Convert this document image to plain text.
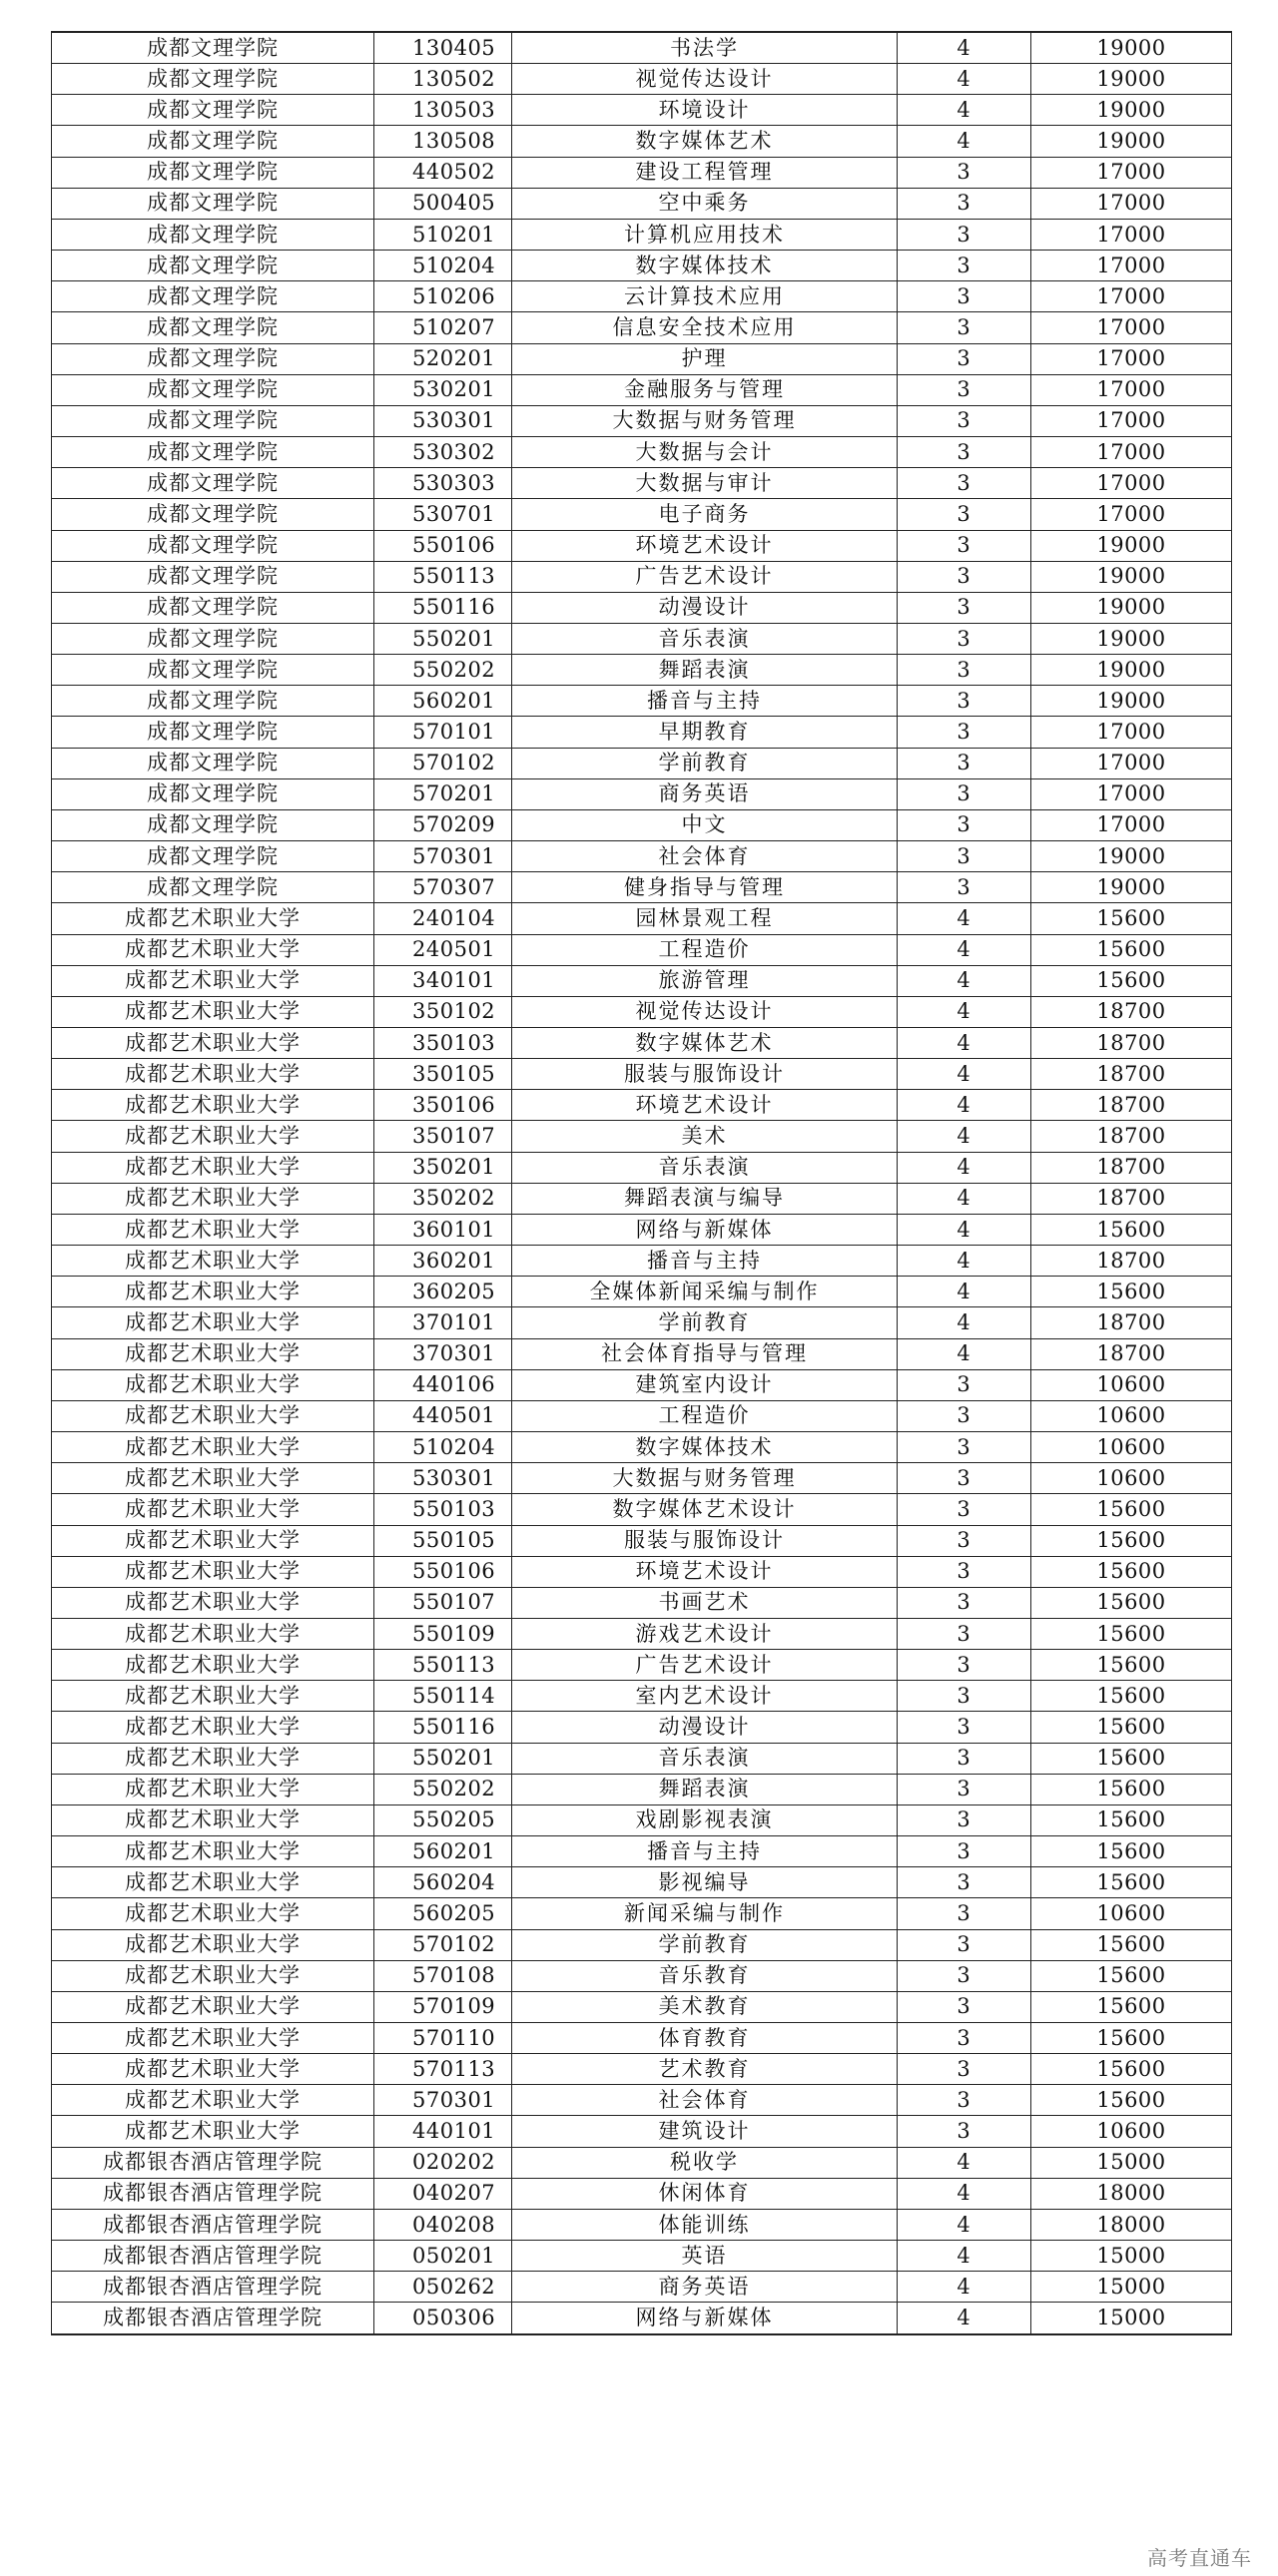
成都文理学院	130405	书法学	4	19000
成都文理学院	130502	视觉传达设计	4	19000
成都文理学院	130503	环境设计	4	19000
成都文理学院	130508	数字媒体艺术	4	19000
成都文理学院	440502	建设工程管理	3	17000
成都文理学院	500405	空中乘务	3	17000
成都文理学院	510201	计算机应用技术	3	17000
成都文理学院	510204	数字媒体技术	3	17000
成都文理学院	510206	云计算技术应用	3	17000
成都文理学院	510207	信息安全技术应用	3	17000
成都文理学院	520201	护理	3	17000
成都文理学院	530201	金融服务与管理	3	17000
成都文理学院	530301	大数据与财务管理	3	17000
成都文理学院	530302	大数据与会计	3	17000
成都文理学院	530303	大数据与审计	3	17000
成都文理学院	530701	电子商务	3	17000
成都文理学院	550106	环境艺术设计	3	19000
成都文理学院	550113	广告艺术设计	3	19000
成都文理学院	550116	动漫设计	3	19000
成都文理学院	550201	音乐表演	3	19000
成都文理学院	550202	舞蹈表演	3	19000
成都文理学院	560201	播音与主持	3	19000
成都文理学院	570101	早期教育	3	17000
成都文理学院	570102	学前教育	3	17000
成都文理学院	570201	商务英语	3	17000
成都文理学院	570209	中文	3	17000
成都文理学院	570301	社会体育	3	19000
成都文理学院	570307	健身指导与管理	3	19000
成都艺术职业大学	240104	园林景观工程	4	15600
成都艺术职业大学	240501	工程造价	4	15600
成都艺术职业大学	340101	旅游管理	4	15600
成都艺术职业大学	350102	视觉传达设计	4	18700
成都艺术职业大学	350103	数字媒体艺术	4	18700
成都艺术职业大学	350105	服装与服饰设计	4	18700
成都艺术职业大学	350106	环境艺术设计	4	18700
成都艺术职业大学	350107	美术	4	18700
成都艺术职业大学	350201	音乐表演	4	18700
成都艺术职业大学	350202	舞蹈表演与编导	4	18700
成都艺术职业大学	360101	网络与新媒体	4	15600
成都艺术职业大学	360201	播音与主持	4	18700
成都艺术职业大学	360205	全媒体新闻采编与制作	4	15600
成都艺术职业大学	370101	学前教育	4	18700
成都艺术职业大学	370301	社会体育指导与管理	4	18700
成都艺术职业大学	440106	建筑室内设计	3	10600
成都艺术职业大学	440501	工程造价	3	10600
成都艺术职业大学	510204	数字媒体技术	3	10600
成都艺术职业大学	530301	大数据与财务管理	3	10600
成都艺术职业大学	550103	数字媒体艺术设计	3	15600
成都艺术职业大学	550105	服装与服饰设计	3	15600
成都艺术职业大学	550106	环境艺术设计	3	15600
成都艺术职业大学	550107	书画艺术	3	15600
成都艺术职业大学	550109	游戏艺术设计	3	15600
成都艺术职业大学	550113	广告艺术设计	3	15600
成都艺术职业大学	550114	室内艺术设计	3	15600
成都艺术职业大学	550116	动漫设计	3	15600
成都艺术职业大学	550201	音乐表演	3	15600
成都艺术职业大学	550202	舞蹈表演	3	15600
成都艺术职业大学	550205	戏剧影视表演	3	15600
成都艺术职业大学	560201	播音与主持	3	15600
成都艺术职业大学	560204	影视编导	3	15600
成都艺术职业大学	560205	新闻采编与制作	3	10600
成都艺术职业大学	570102	学前教育	3	15600
成都艺术职业大学	570108	音乐教育	3	15600
成都艺术职业大学	570109	美术教育	3	15600
成都艺术职业大学	570110	体育教育	3	15600
成都艺术职业大学	570113	艺术教育	3	15600
成都艺术职业大学	570301	社会体育	3	15600
成都艺术职业大学	440101	建筑设计	3	10600
成都银杏酒店管理学院	020202	税收学	4	15000
成都银杏酒店管理学院	040207	休闲体育	4	18000
成都银杏酒店管理学院	040208	体能训练	4	18000
成都银杏酒店管理学院	050201	英语	4	15000
成都银杏酒店管理学院	050262	商务英语	4	15000
成都银杏酒店管理学院	050306	网络与新媒体	4	15000
高考直通车
